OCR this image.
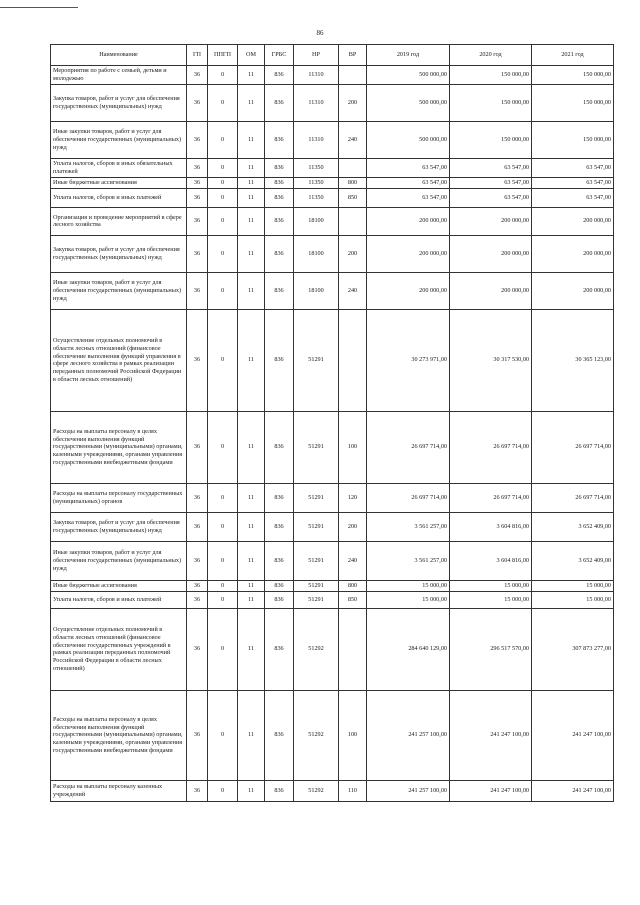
86
Наименование	ГП	ППГП	ОМ	ГРБС	НР	ВР	2019 год	2020 год	2021 год
Мероприятия по работе с семьей, детьми и молодежью	36	0	11	836	11310		500 000,00	150 000,00	150 000,00
Закупка товаров, работ и услуг для обеспечения государственных (муниципальных) нужд	36	0	11	836	11310	200	500 000,00	150 000,00	150 000,00
Иные закупки товаров, работ и услуг для обеспечения государственных (муниципальных) нужд	36	0	11	836	11310	240	500 000,00	150 000,00	150 000,00
Уплата налогов, сборов и иных обязательных платежей	36	0	11	836	11350		63 547,00	63 547,00	63 547,00
Иные бюджетные ассигнования	36	0	11	836	11350	800	63 547,00	63 547,00	63 547,00
Уплата налогов, сборов и иных платежей	36	0	11	836	11350	850	63 547,00	63 547,00	63 547,00
Организация и проведение мероприятий в сфере лесного хозяйства	36	0	11	836	18100		200 000,00	200 000,00	200 000,00
Закупка товаров, работ и услуг для обеспечения государственных (муниципальных) нужд	36	0	11	836	18100	200	200 000,00	200 000,00	200 000,00
Иные закупки товаров, работ и услуг для обеспечения государственных (муниципальных) нужд	36	0	11	836	18100	240	200 000,00	200 000,00	200 000,00
Осуществление отдельных полномочий в области лесных отношений (финансовое обеспечение выполнения функций управления в сфере лесного хозяйства в рамках реализации переданных полномочий Российской Федерации в области лесных отношений)	36	0	11	836	51291		30 273 971,00	30 317 530,00	30 365 123,00
Расходы на выплаты персоналу в целях обеспечения выполнения функций государственными (муниципальными) органами, казенными учреждениями, органами управления государственными внебюджетными фондами	36	0	11	836	51291	100	26 697 714,00	26 697 714,00	26 697 714,00
Расходы на выплаты персоналу государственных (муниципальных) органов	36	0	11	836	51291	120	26 697 714,00	26 697 714,00	26 697 714,00
Закупка товаров, работ и услуг для обеспечения государственных (муниципальных) нужд	36	0	11	836	51291	200	3 561 257,00	3 604 816,00	3 652 409,00
Иные закупки товаров, работ и услуг для обеспечения государственных (муниципальных) нужд	36	0	11	836	51291	240	3 561 257,00	3 604 816,00	3 652 409,00
Иные бюджетные ассигнования	36	0	11	836	51291	800	15 000,00	15 000,00	15 000,00
Уплата налогов, сборов и иных платежей	36	0	11	836	51291	850	15 000,00	15 000,00	15 000,00
Осуществление отдельных полномочий в области лесных отношений (финансовое обеспечение государственных учреждений в рамках реализации переданных полномочий Российской Федерации в области лесных отношений)	36	0	11	836	51292		284 640 129,00	296 517 570,00	307 873 277,00
Расходы на выплаты персоналу в целях обеспечения выполнения функций государственными (муниципальными) органами, казенными учреждениями, органами управления государственными внебюджетными фондами	36	0	11	836	51292	100	241 257 100,00	241 247 100,00	241 247 100,00
Расходы на выплаты персоналу казенных учреждений	36	0	11	836	51292	110	241 257 100,00	241 247 100,00	241 247 100,00
